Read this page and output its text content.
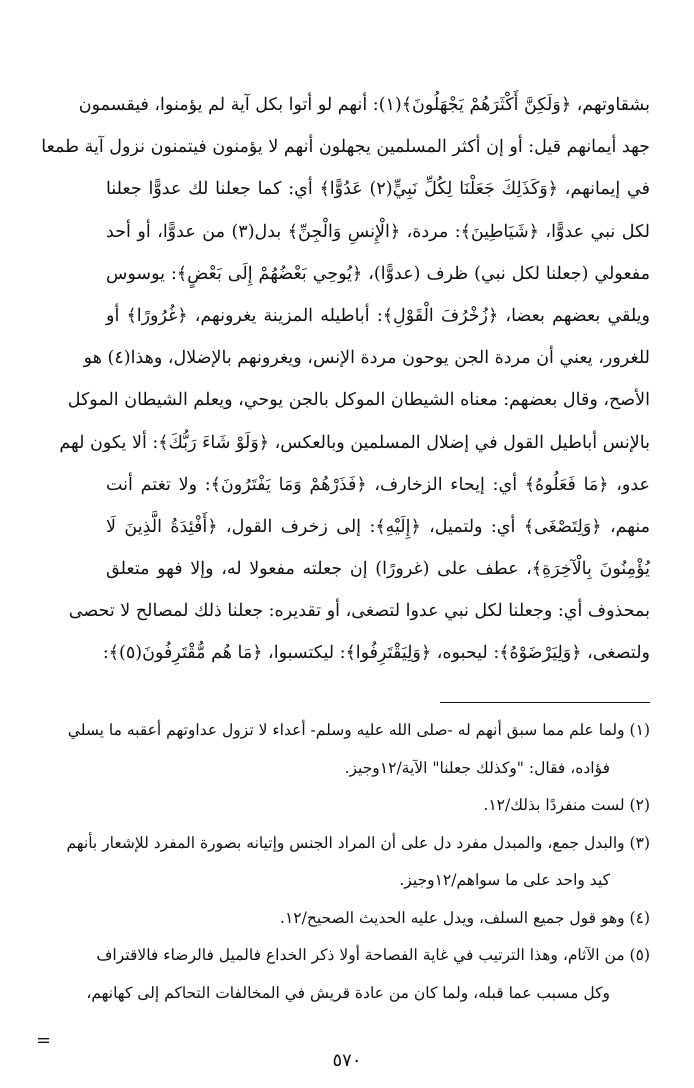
بشقاوتهم، ﴿وَلَكِنَّ أَكْثَرَهُمْ يَجْهَلُونَ﴾(١): أنهم لو أتوا بكل آية لم يؤمنوا، فيقسمون
جهد أيمانهم قيل: أو إن أكثر المسلمين يجهلون أنهم لا يؤمنون فيتمنون نزول آية طمعا
في إيمانهم، ﴿وَكَذَلِكَ جَعَلْنَا لِكُلِّ نَبِيٍّ(٢) عَدُوًّا﴾ أي: كما جعلنا لك عدوًّا جعلنا
لكل نبي عدوًّا، ﴿شَيَاطِينَ﴾: مردة، ﴿الْإِنسِ وَالْجِنِّ﴾ بدل(٣) من عدوًّا، أو أحد
مفعولي (جعلنا لكل نبي) ظرف (عدوًّا)، ﴿يُوحِي بَعْضُهُمْ إِلَى بَعْضٍ﴾: يوسوس
ويلقي بعضهم بعضا، ﴿زُخْرُفَ الْقَوْلِ﴾: أباطيله المزينة يغرونهم، ﴿غُرُورًا﴾ أو
للغرور، يعني أن مردة الجن يوحون مردة الإنس، ويغرونهم بالإضلال، وهذا(٤) هو
الأصح، وقال بعضهم: معناه الشيطان الموكل بالجن يوحي، ويعلم الشيطان الموكل
بالإنس أباطيل القول في إضلال المسلمين وبالعكس، ﴿وَلَوْ شَاءَ رَبُّكَ﴾: ألا يكون لهم
عدو، ﴿مَا فَعَلُوهُ﴾ أي: إيحاء الزخارف، ﴿فَذَرْهُمْ وَمَا يَفْتَرُونَ﴾: ولا تغتم أنت
منهم، ﴿وَلِتَصْغَى﴾ أي: ولتميل، ﴿إِلَيْهِ﴾: إلى زخرف القول، ﴿أَفْئِدَةُ الَّذِينَ لَا
يُؤْمِنُونَ بِالْآخِرَةِ﴾، عطف على (غرورًا) إن جعلته مفعولا له، وإلا فهو متعلق
بمحذوف أي: وجعلنا لكل نبي عدوا لتصغى، أو تقديره: جعلنا ذلك لمصالح لا تحصى
ولتصغى، ﴿وَلِيَرْضَوْهُ﴾: ليحبوه، ﴿وَلِيَقْتَرِفُوا﴾: ليكتسبوا، ﴿مَا هُم مُّقْتَرِفُونَ(٥)﴾:
(١) ولما علم مما سبق أنهم له -صلى الله عليه وسلم- أعداء لا تزول عداوتهم أعقبه ما يسلي
فؤاده، فقال: "وكذلك جعلنا" الآية/١٢وجيز.
(٢) لست منفردًا بذلك/١٢.
(٣) والبدل جمع، والمبدل مفرد دل على أن المراد الجنس وإتيانه بصورة المفرد للإشعار بأنهم
كيد واحد على ما سواهم/١٢وجيز.
(٤) وهو قول جميع السلف، ويدل عليه الحديث الصحيح/١٢.
(٥) من الآثام، وهذا الترتيب في غاية الفصاحة أولا ذكر الخداع فالميل فالرضاء فالاقتراف
وكل مسبب عما قبله، ولما كان من عادة قريش في المخالفات التحاكم إلى كهانهم،
=
٥٧٠
